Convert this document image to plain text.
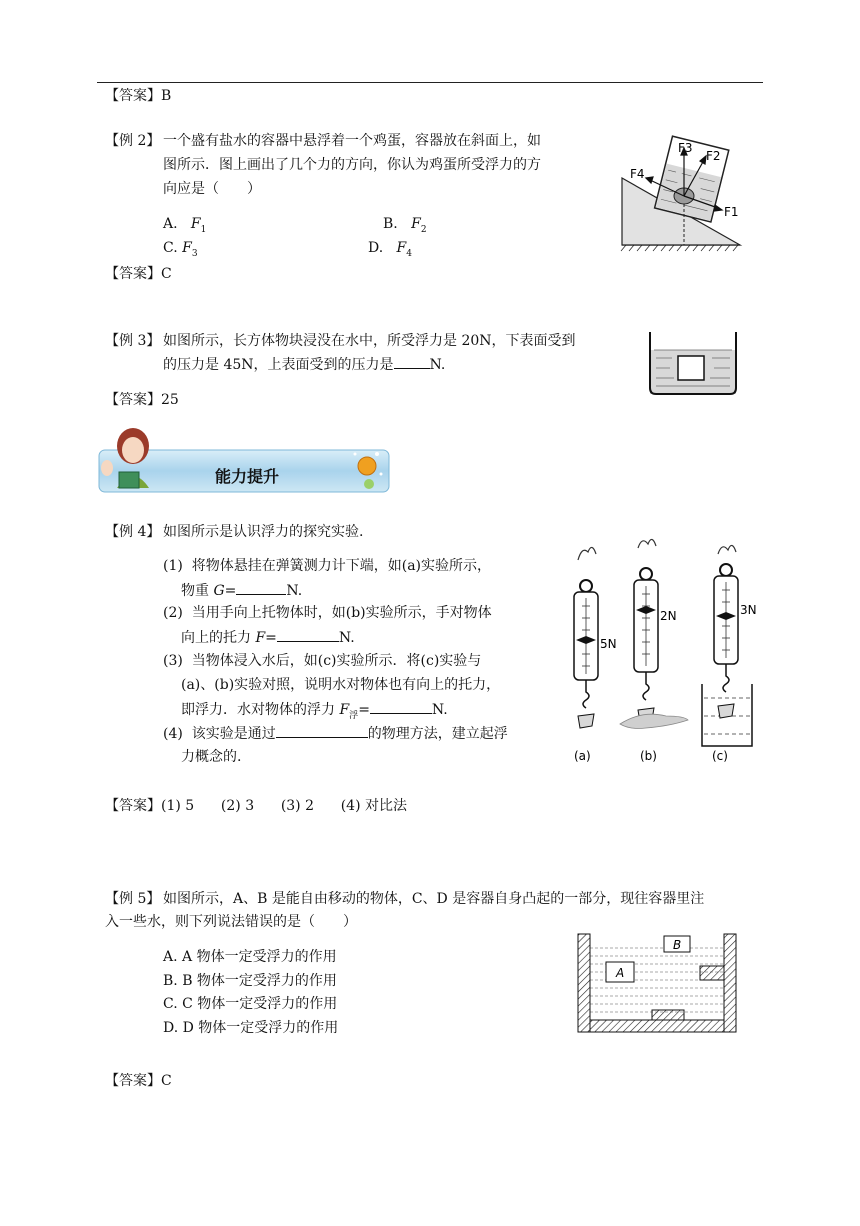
【答案】B
【例 2】 一个盛有盐水的容器中悬浮着一个鸡蛋，容器放在斜面上，如
图所示．图上画出了几个力的方向，你认为鸡蛋所受浮力的方
向应是（　　）
A. $F_1$	B. $F_2$
C. $F_3$	D. $F_4$
【答案】C
F3
F2
F1
F4
【例 3】 如图所示，长方体物块浸没在水中，所受浮力是 20N，下表面受到
的压力是 45N，上表面受到的压力是	N.
【答案】25
能力提升
【例 4】 如图所示是认识浮力的探究实验.
(1) 将物体悬挂在弹簧测力计下端，如(a)实验所示，
物重 G=	N.
(2) 当用手向上托物体时，如(b)实验所示，手对物体
向上的托力 F=	N.
(3) 当物体浸入水后，如(c)实验所示．将(c)实验与
(a)、(b)实验对照，说明水对物体也有向上的托力，
即浮力．水对物体的浮力 $F_浮=$	N.
(4) 该实验是通过	的物理方法，建立起浮
力概念的.
【答案】(1) 5 (2) 3 (3) 2 (4) 对比法
5N
2N	3N
(a)	(b)	(c)
【例 5】 如图所示，A、B 是能自由移动的物体，C、D 是容器自身凸起的一部分，现往容器里注
入一些水，则下列说法错误的是（　　）
A. A 物体一定受浮力的作用
B. B 物体一定受浮力的作用
C. C 物体一定受浮力的作用
D. D 物体一定受浮力的作用
【答案】C
A
B
